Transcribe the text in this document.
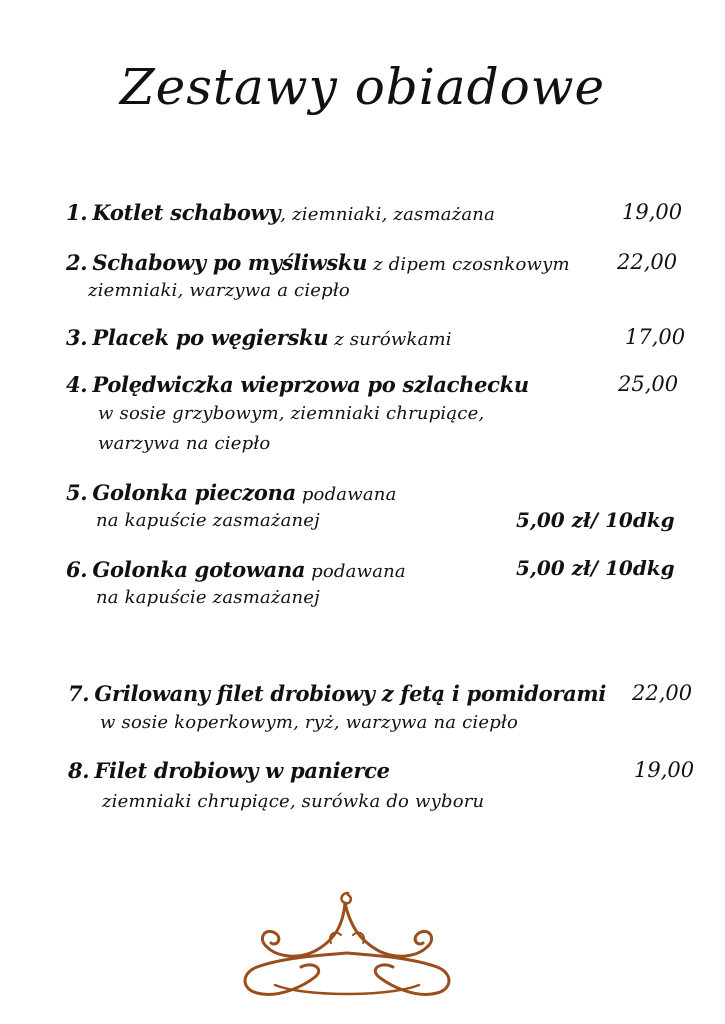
Zestawy obiadowe
1. Kotlet schabowy, ziemniaki, zasmażana	19,00
2. Schabowy po myśliwsku z dipem czosnkowym 22,00
ziemniaki, warzywa a ciepło
3. Placek po węgiersku z surówkami	17,00
4. Polędwiczka wieprzowa po szlachecku	25,00
w sosie grzybowym, ziemniaki chrupiące,
warzywa na ciepło
5. Golonka pieczona podawana
na kapuście zasmażanej	5,00 zł/ 10dkg
6. Golonka gotowana podawana	5,00 zł/ 10dkg
na kapuście zasmażanej
7. Grilowany filet drobiowy z fetą i pomidorami 22,00
w sosie koperkowym, ryż, warzywa na ciepło
8. Filet drobiowy w panierce	19,00
ziemniaki chrupiące, surówka do wyboru
